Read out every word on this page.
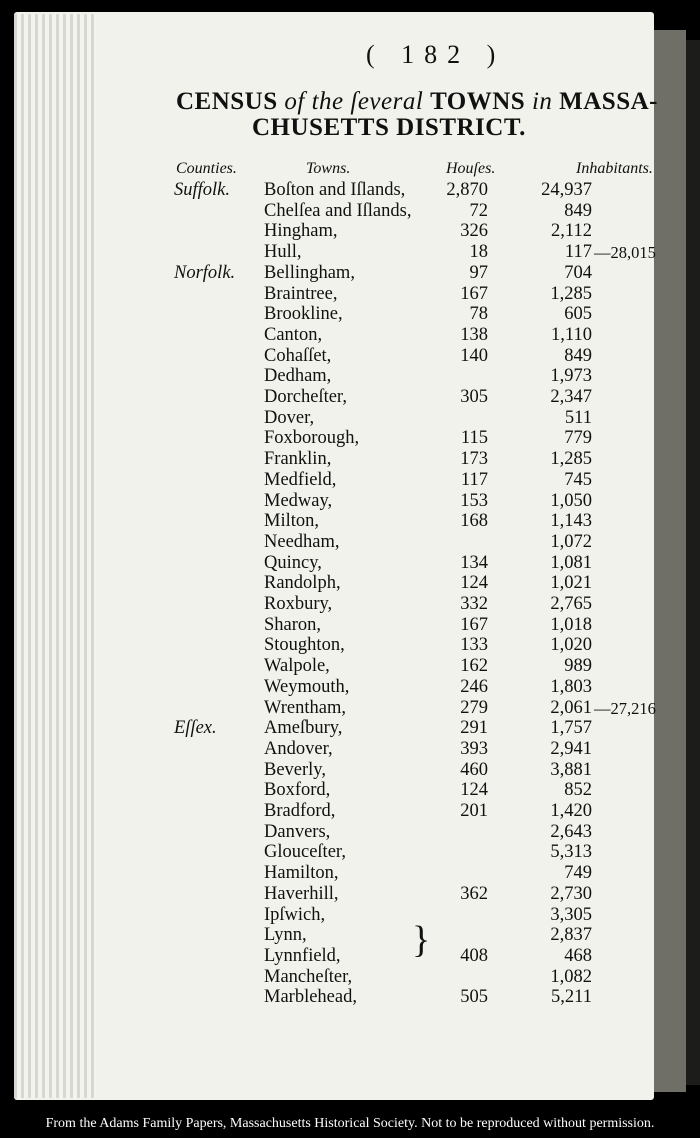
( 182 )
CENSUS of the ſeveral TOWNS in MASSA-
CHUSETTS DISTRICT.
Counties.	Towns.	Houſes.	Inhabitants.
Suffolk. Boſton and Iſlands,	2,870	24,937
Chelſea and Iſlands,	72	849
Hingham,	326	2,112
Hull,	18	117 —28,015
Norfolk. Bellingham,	97	704
Braintree,	167	1,285
Brookline,	78	605
Canton,	138	1,110
Cohaſſet,	140	849
Dedham,	1,973
Dorcheſter,	305	2,347
Dover,	511
Foxborough,	115	779
Franklin,	173	1,285
Medfield,	117	745
Medway,	153	1,050
Milton,	168	1,143
Needham,	1,072
Quincy,	134	1,081
Randolph,	124	1,021
Roxbury,	332	2,765
Sharon,	167	1,018
Stoughton,	133	1,020
Walpole,	162	989
Weymouth,	246	1,803
Wrentham,	279	2,061 —27,216
Eſſex.	Ameſbury,	291	1,757
Andover,	393	2,941
Beverly,	460	3,881
Boxford,	124	852
Bradford,	201	1,420
Danvers,	2,643
Glouceſter,	5,313
Hamilton,	749
Haverhill,	362	2,730
Ipſwich,	3,305
Lynn,	2,837
Lynnfield,	408	468
Mancheſter,	1,082
Marblehead,	505	5,211
}
From the Adams Family Papers, Massachusetts Historical Society. Not to be reproduced without permission.
